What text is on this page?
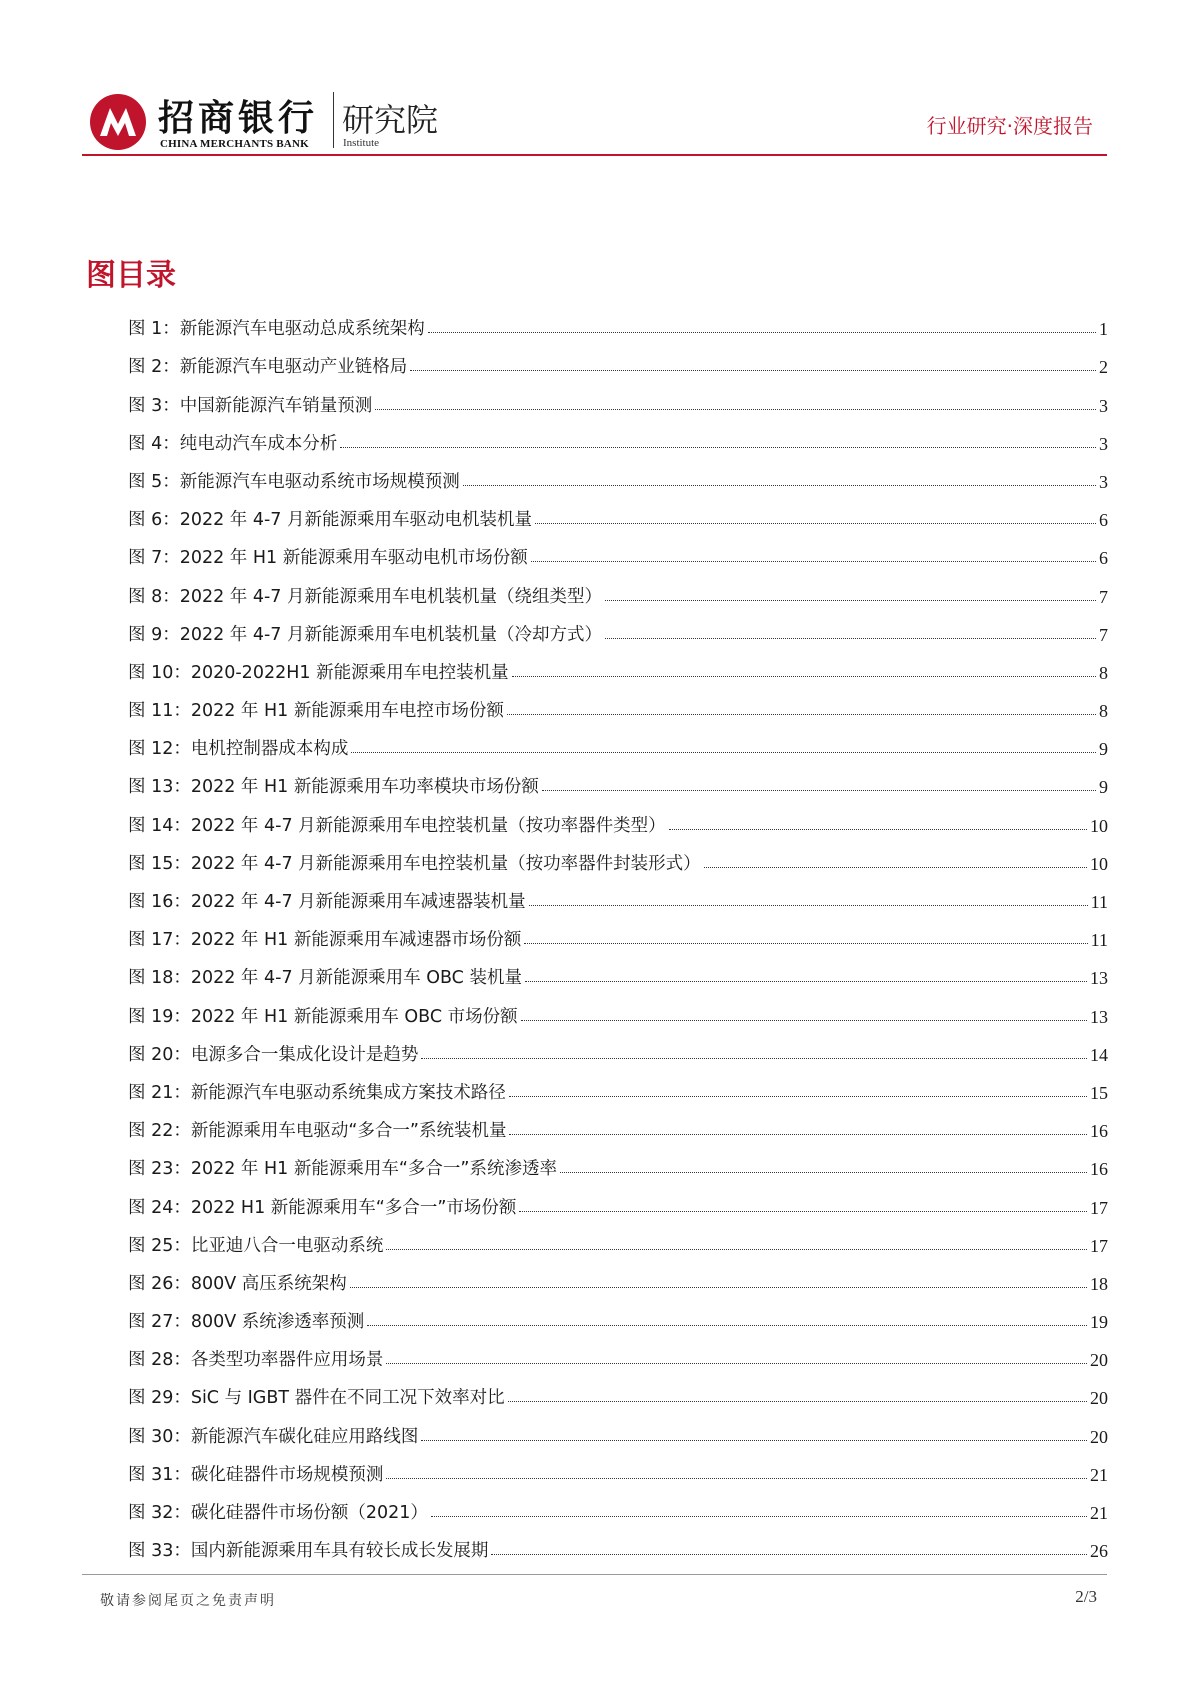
招商银行
CHINA MERCHANTS BANK
研究院
Institute
行业研究·深度报告
图目录
图 1：新能源汽车电驱动总成系统架构	1
图 2：新能源汽车电驱动产业链格局	2
图 3：中国新能源汽车销量预测	3
图 4：纯电动汽车成本分析	3
图 5：新能源汽车电驱动系统市场规模预测	3
图 6：2022 年 4-7 月新能源乘用车驱动电机装机量	6
图 7：2022 年 H1 新能源乘用车驱动电机市场份额	6
图 8：2022 年 4-7 月新能源乘用车电机装机量（绕组类型）	7
图 9：2022 年 4-7 月新能源乘用车电机装机量（冷却方式）	7
图 10：2020-2022H1 新能源乘用车电控装机量	8
图 11：2022 年 H1 新能源乘用车电控市场份额	8
图 12：电机控制器成本构成	9
图 13：2022 年 H1 新能源乘用车功率模块市场份额	9
图 14：2022 年 4-7 月新能源乘用车电控装机量（按功率器件类型）	10
图 15：2022 年 4-7 月新能源乘用车电控装机量（按功率器件封装形式）	10
图 16：2022 年 4-7 月新能源乘用车减速器装机量	11
图 17：2022 年 H1 新能源乘用车减速器市场份额	11
图 18：2022 年 4-7 月新能源乘用车 OBC 装机量	13
图 19：2022 年 H1 新能源乘用车 OBC 市场份额	13
图 20：电源多合一集成化设计是趋势	14
图 21：新能源汽车电驱动系统集成方案技术路径	15
图 22：新能源乘用车电驱动“多合一”系统装机量	16
图 23：2022 年 H1 新能源乘用车“多合一”系统渗透率	16
图 24：2022 H1 新能源乘用车“多合一”市场份额	17
图 25：比亚迪八合一电驱动系统	17
图 26：800V 高压系统架构	18
图 27：800V 系统渗透率预测	19
图 28：各类型功率器件应用场景	20
图 29：SiC 与 IGBT 器件在不同工况下效率对比	20
图 30：新能源汽车碳化硅应用路线图	20
图 31：碳化硅器件市场规模预测	21
图 32：碳化硅器件市场份额（2021）	21
图 33：国内新能源乘用车具有较长成长发展期	26
敬请参阅尾页之免责声明	2/3
